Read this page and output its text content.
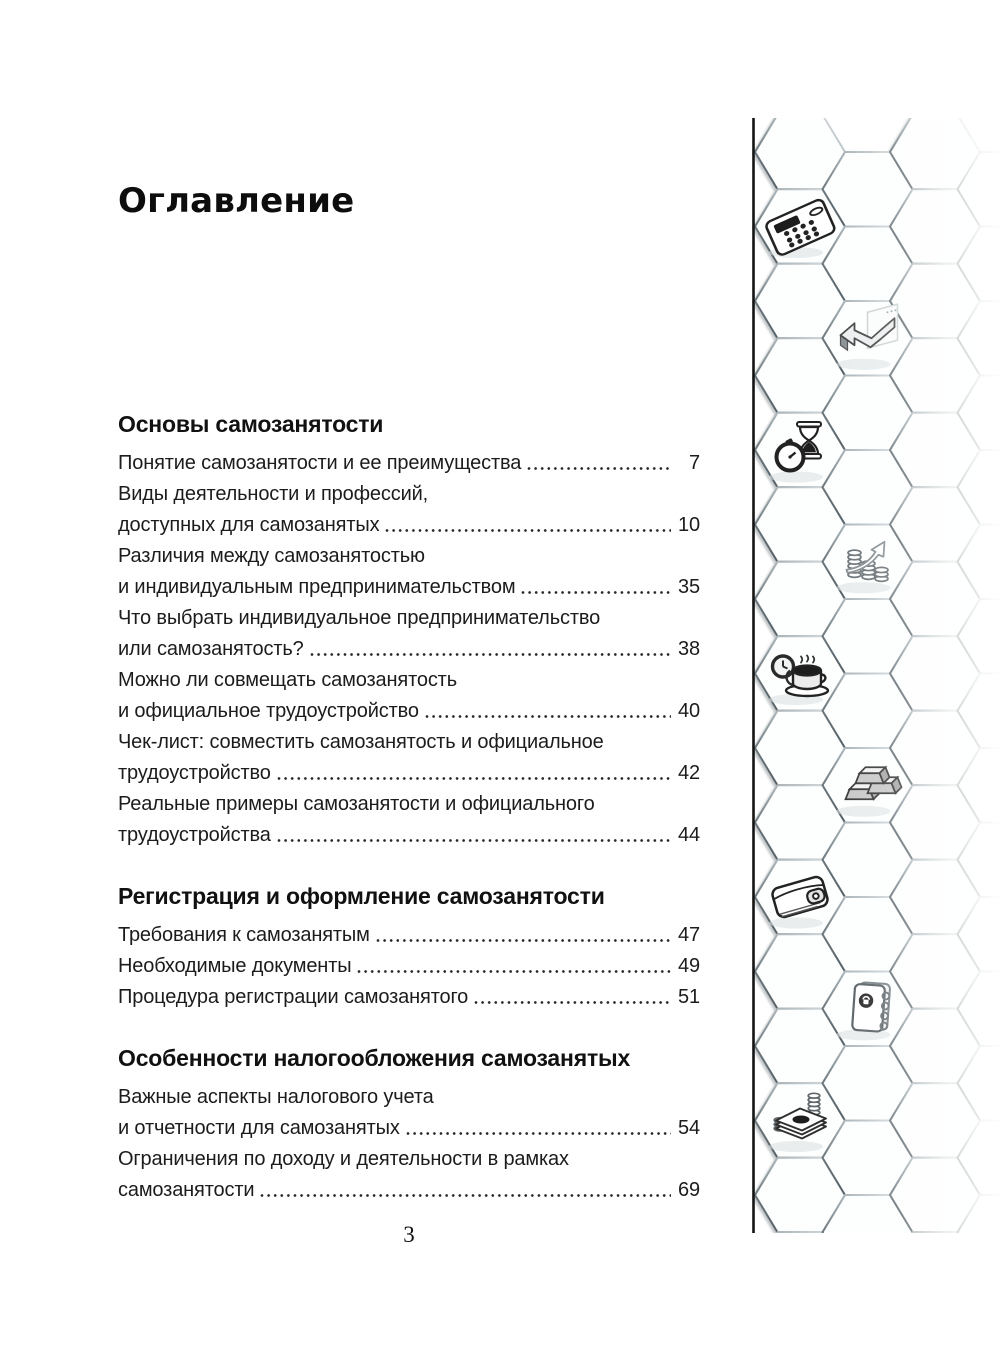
Оглавление
Основы самозанятости
Понятие самозанятости и ее преимущества	7
Виды деятельности и профессий,
доступных для самозанятых	10
Различия между самозанятостью
и индивидуальным предпринимательством	35
Что выбрать индивидуальное предпринимательство
или самозанятость?	38
Можно ли совмещать самозанятость
и официальное трудоустройство	40
Чек-лист: совместить самозанятость и официальное
трудоустройство	42
Реальные примеры самозанятости и официального
трудоустройства	44
Регистрация и оформление самозанятости
Требования к самозанятым	47
Необходимые документы	49
Процедура регистрации самозанятого	51
Особенности налогообложения самозанятых
Важные аспекты налогового учета
и отчетности для самозанятых	54
Ограничения по доходу и деятельности в рамках
самозанятости	69
3
